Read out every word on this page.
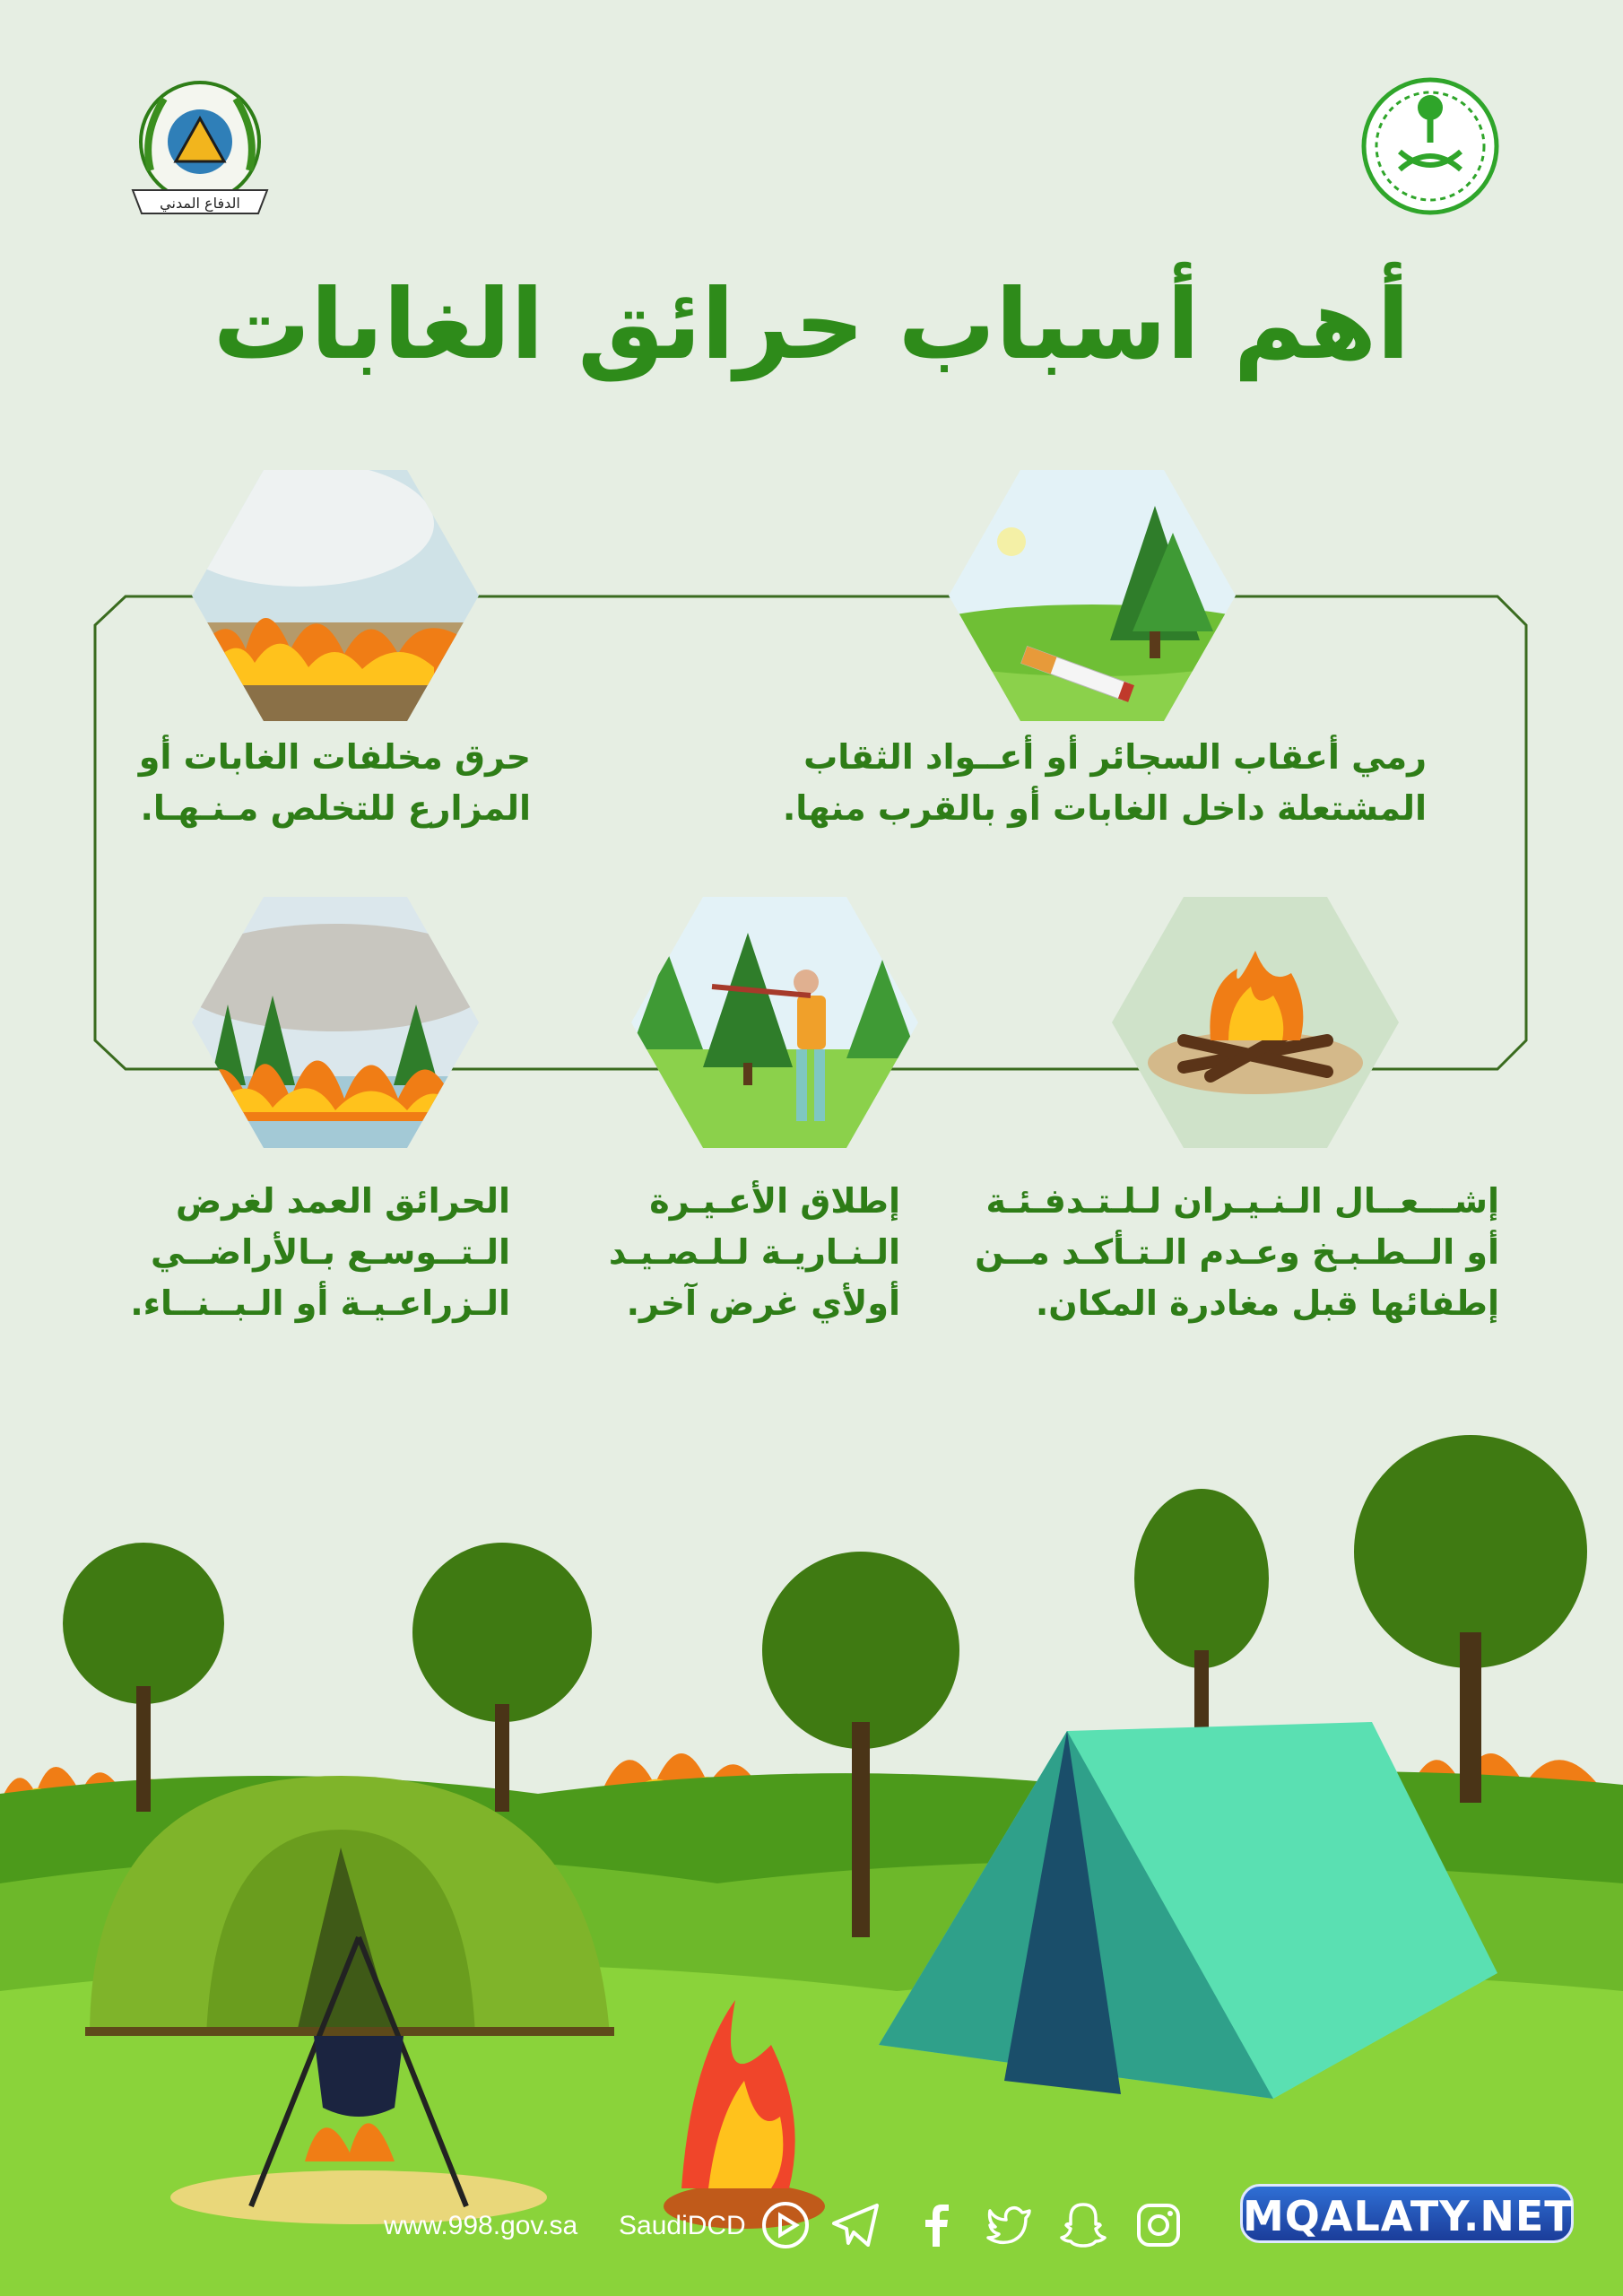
الدفاع المدني
أهم أسباب حرائق الغابات
رمي أعقاب السجائر أو أعــواد الثقاب
المشتعلة داخل الغابات أو بالقرب منها.
حرق مخلفات الغابات أو
المزارع للتخلص مـنـهـا.
إشـــعــال الـنـيـران لـلـتـدفـئـة
أو الــطـبـخ وعـدم الـتـأكـد مــن
إطفائها قبل مغادرة المكان.
إطلاق الأعـيـرة
الـنـاريـة لـلـصـيـد
أولأي غرض آخر.
الحرائق العمد لغرض
الـتــوسـع بـالأراضــي
الـزراعـيـة أو الـبــنــاء.
www.998.gov.sa SaudiDCD	MQALATY.NET
